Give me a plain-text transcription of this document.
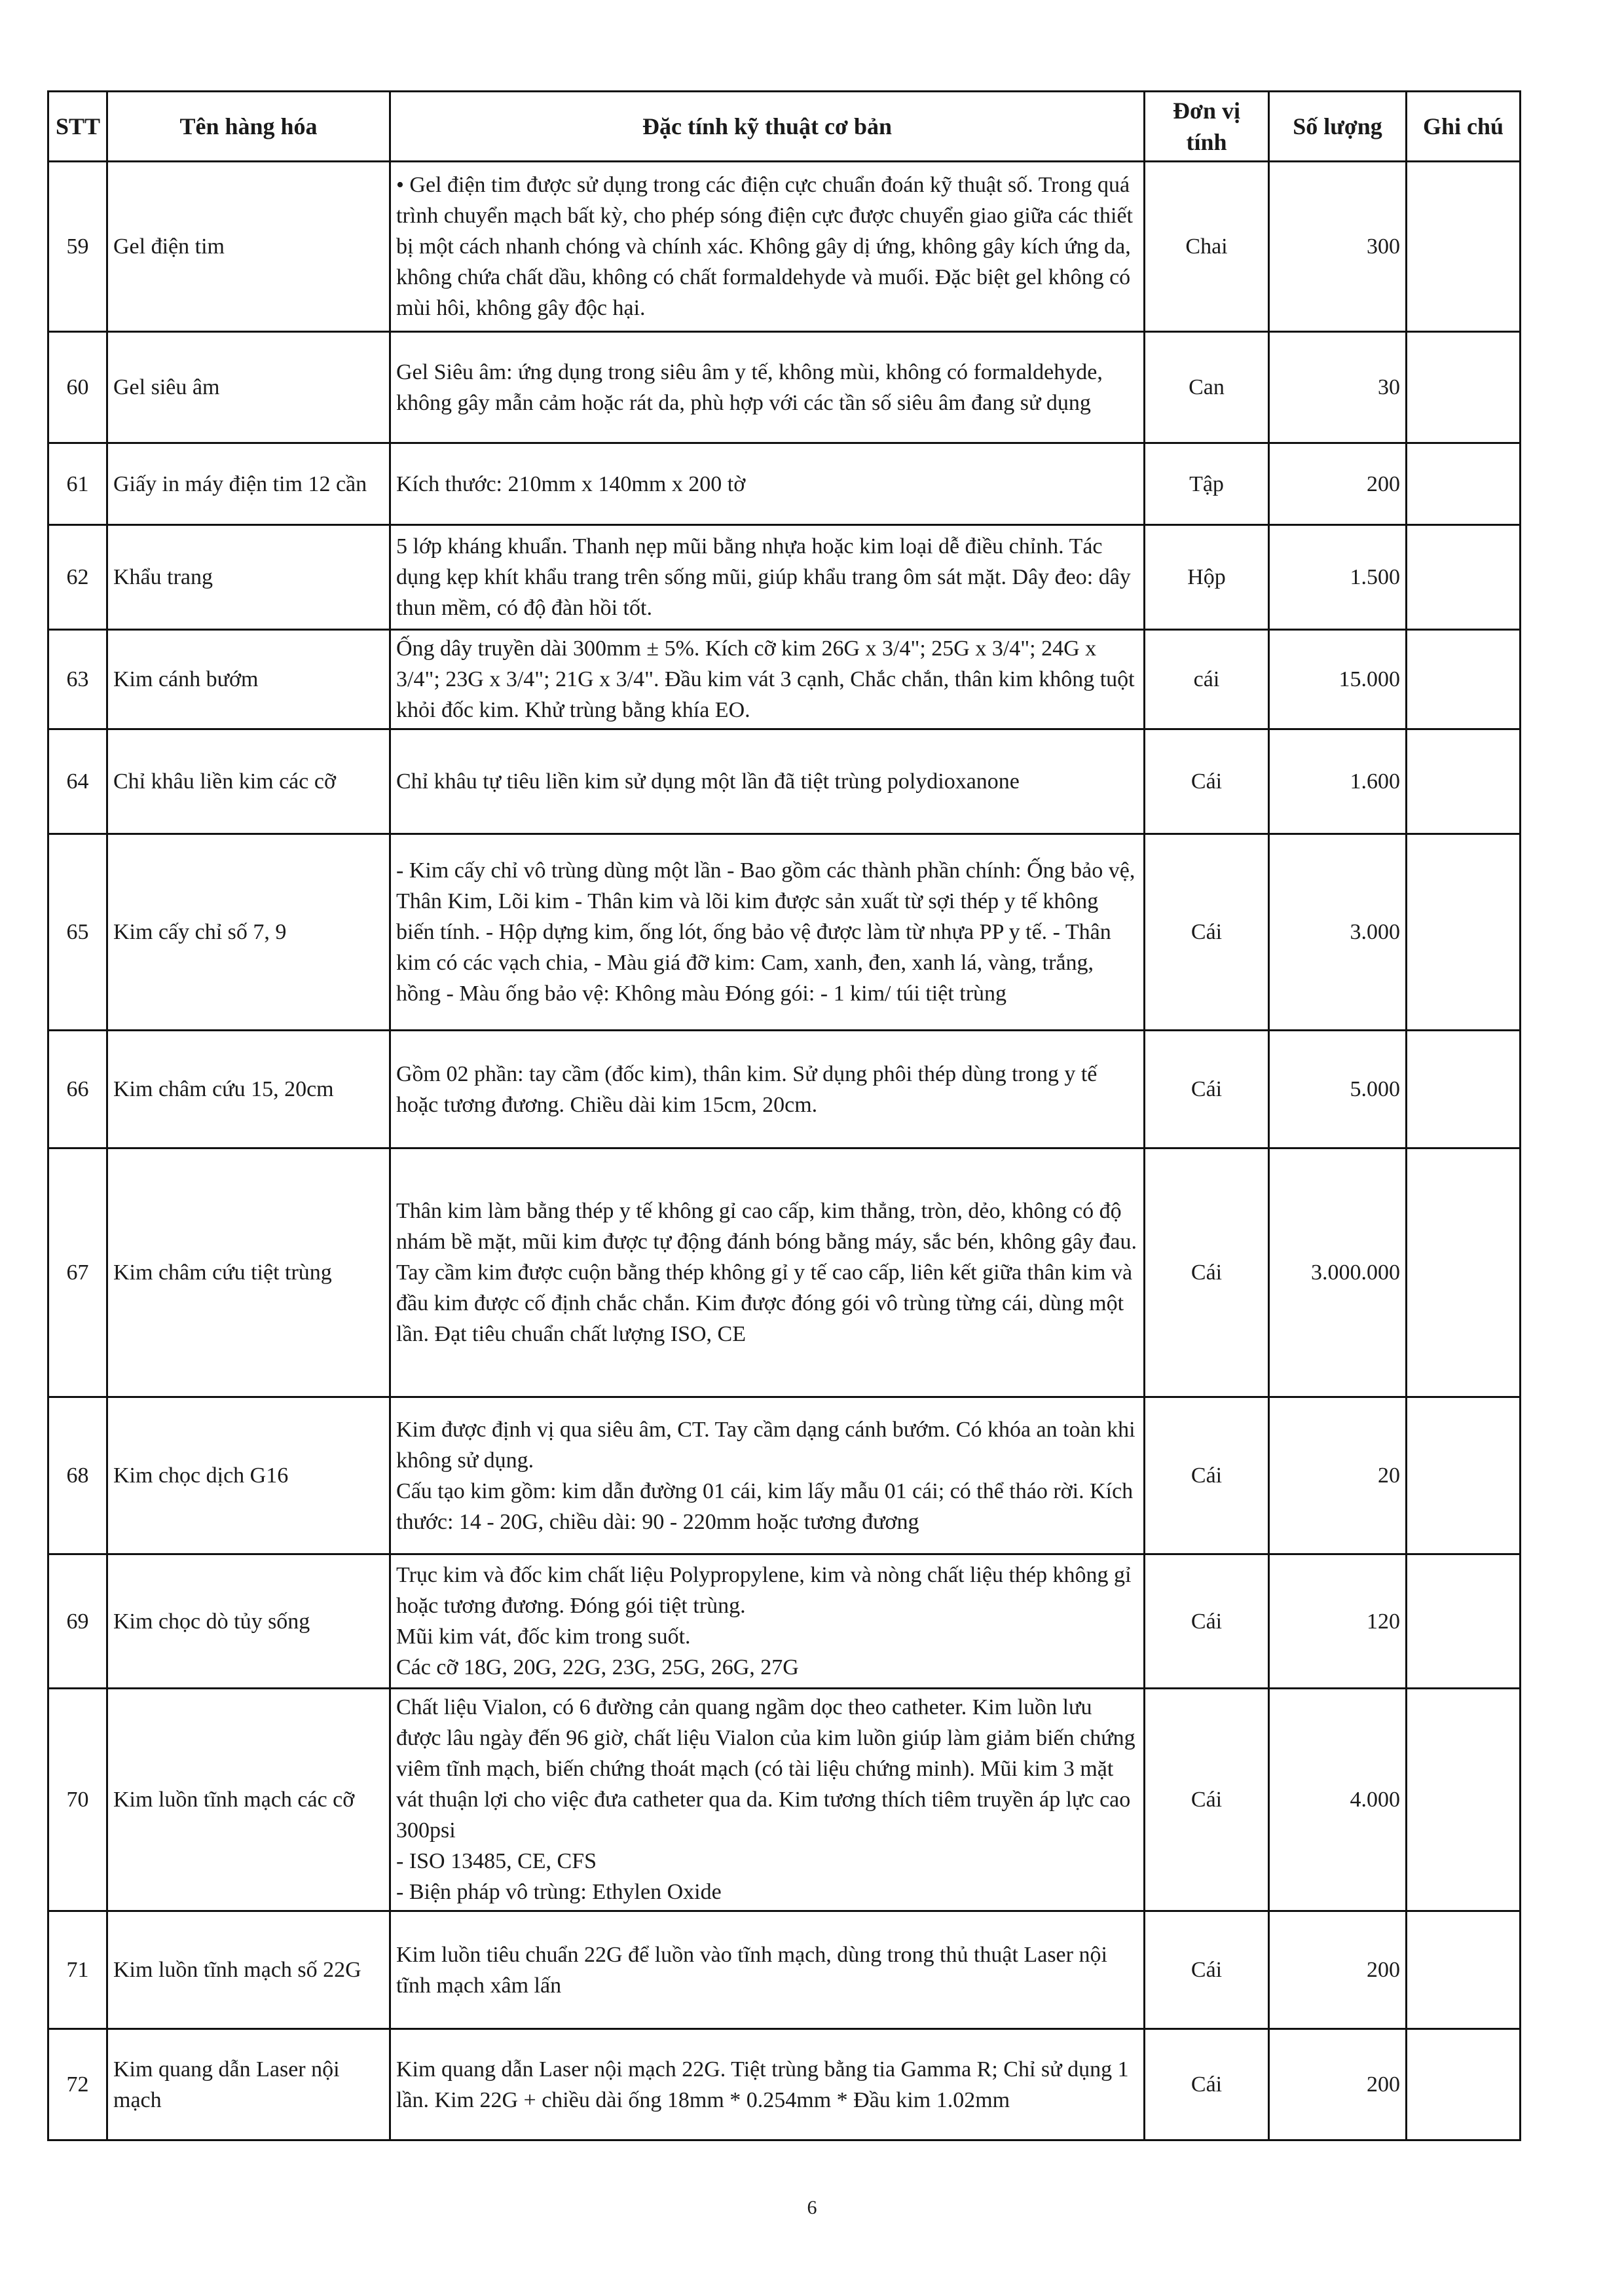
STT	Tên hàng hóa	Đặc tính kỹ thuật cơ bản	Đơn vị tính	Số lượng	Ghi chú
59	Gel điện tim	• Gel điện tim được sử dụng trong các điện cực chuẩn đoán kỹ thuật số. Trong quá trình chuyển mạch bất kỳ, cho phép sóng điện cực được chuyển giao giữa các thiết bị một cách nhanh chóng và chính xác. Không gây dị ứng, không gây kích ứng da, không chứa chất dầu, không có chất formaldehyde và muối. Đặc biệt gel không có mùi hôi, không gây độc hại.	Chai	300	
60	Gel siêu âm	Gel Siêu âm: ứng dụng trong siêu âm y tế, không mùi, không có formaldehyde, không gây mẫn cảm hoặc rát da, phù hợp với các tần số siêu âm đang sử dụng	Can	30	
61	Giấy in máy điện tim 12 cần	Kích thước: 210mm x 140mm x 200 tờ	Tập	200	
62	Khẩu trang	5 lớp kháng khuẩn. Thanh nẹp mũi bằng nhựa hoặc kim loại dễ điều chỉnh. Tác dụng kẹp khít khẩu trang trên sống mũi, giúp khẩu trang ôm sát mặt. Dây đeo: dây thun mềm, có độ đàn hồi tốt.	Hộp	1.500	
63	Kim cánh bướm	Ống dây truyền dài 300mm ± 5%. Kích cỡ kim 26G x 3/4"; 25G x 3/4"; 24G x 3/4"; 23G x 3/4"; 21G x 3/4". Đầu kim vát 3 cạnh, Chắc chắn, thân kim không tuột khỏi đốc kim. Khử trùng bằng khía EO.	cái	15.000	
64	Chỉ khâu liền kim các cỡ	Chỉ khâu tự tiêu liền kim sử dụng một lần đã tiệt trùng polydioxanone	Cái	1.600	
65	Kim cấy chỉ số 7, 9	- Kim cấy chỉ vô trùng dùng một lần - Bao gồm các thành phần chính: Ống bảo vệ, Thân Kim, Lõi kim - Thân kim và lõi kim được sản xuất từ sợi thép y tế không biến tính. - Hộp dựng kim, ống lót, ống bảo vệ được làm từ nhựa PP y tế. - Thân kim có các vạch chia, - Màu giá đỡ kim: Cam, xanh, đen, xanh lá, vàng, trắng, hồng - Màu ống bảo vệ: Không màu Đóng gói: - 1 kim/ túi tiệt trùng	Cái	3.000	
66	Kim châm cứu 15, 20cm	Gồm 02 phần: tay cầm (đốc kim), thân kim. Sử dụng phôi thép dùng trong y tế hoặc tương đương. Chiều dài kim 15cm, 20cm.	Cái	5.000	
67	Kim châm cứu tiệt trùng	Thân kim làm bằng thép y tế không gỉ cao cấp, kim thẳng, tròn, dẻo, không có độ nhám bề mặt, mũi kim được tự động đánh bóng bằng máy, sắc bén, không gây đau. Tay cầm kim được cuộn bằng thép không gỉ y tế cao cấp, liên kết giữa thân kim và đầu kim được cố định chắc chắn. Kim được đóng gói vô trùng từng cái, dùng một lần. Đạt tiêu chuẩn chất lượng ISO, CE	Cái	3.000.000	
68	Kim chọc dịch G16	Kim được định vị qua siêu âm, CT. Tay cầm dạng cánh bướm. Có khóa an toàn khi không sử dụng.
Cấu tạo kim gồm: kim dẫn đường 01 cái, kim lấy mẫu 01 cái; có thể tháo rời. Kích thước: 14 - 20G, chiều dài: 90 - 220mm hoặc tương đương	Cái	20	
69	Kim chọc dò tủy sống	Trục kim và đốc kim chất liệu Polypropylene, kim và nòng chất liệu thép không gỉ hoặc tương đương. Đóng gói tiệt trùng.
Mũi kim vát, đốc kim trong suốt.
Các cỡ 18G, 20G, 22G, 23G, 25G, 26G, 27G	Cái	120	
70	Kim luồn tĩnh mạch các cỡ	Chất liệu Vialon, có 6 đường cản quang ngầm dọc theo catheter. Kim luồn lưu được lâu ngày đến 96 giờ, chất liệu Vialon của kim luồn giúp làm giảm biến chứng viêm tĩnh mạch, biến chứng thoát mạch (có tài liệu chứng minh). Mũi kim 3 mặt vát thuận lợi cho việc đưa catheter qua da. Kim tương thích tiêm truyền áp lực cao 300psi
- ISO 13485, CE, CFS
- Biện pháp vô trùng: Ethylen Oxide	Cái	4.000	
71	Kim luồn tĩnh mạch số 22G	Kim luồn tiêu chuẩn 22G để luồn vào tĩnh mạch, dùng trong thủ thuật Laser nội tĩnh mạch xâm lấn	Cái	200	
72	Kim quang dẫn Laser nội mạch	Kim quang dẫn Laser nội mạch 22G. Tiệt trùng bằng tia Gamma R; Chỉ sử dụng 1 lần. Kim 22G + chiều dài ống 18mm * 0.254mm * Đầu kim 1.02mm	Cái	200	
6
